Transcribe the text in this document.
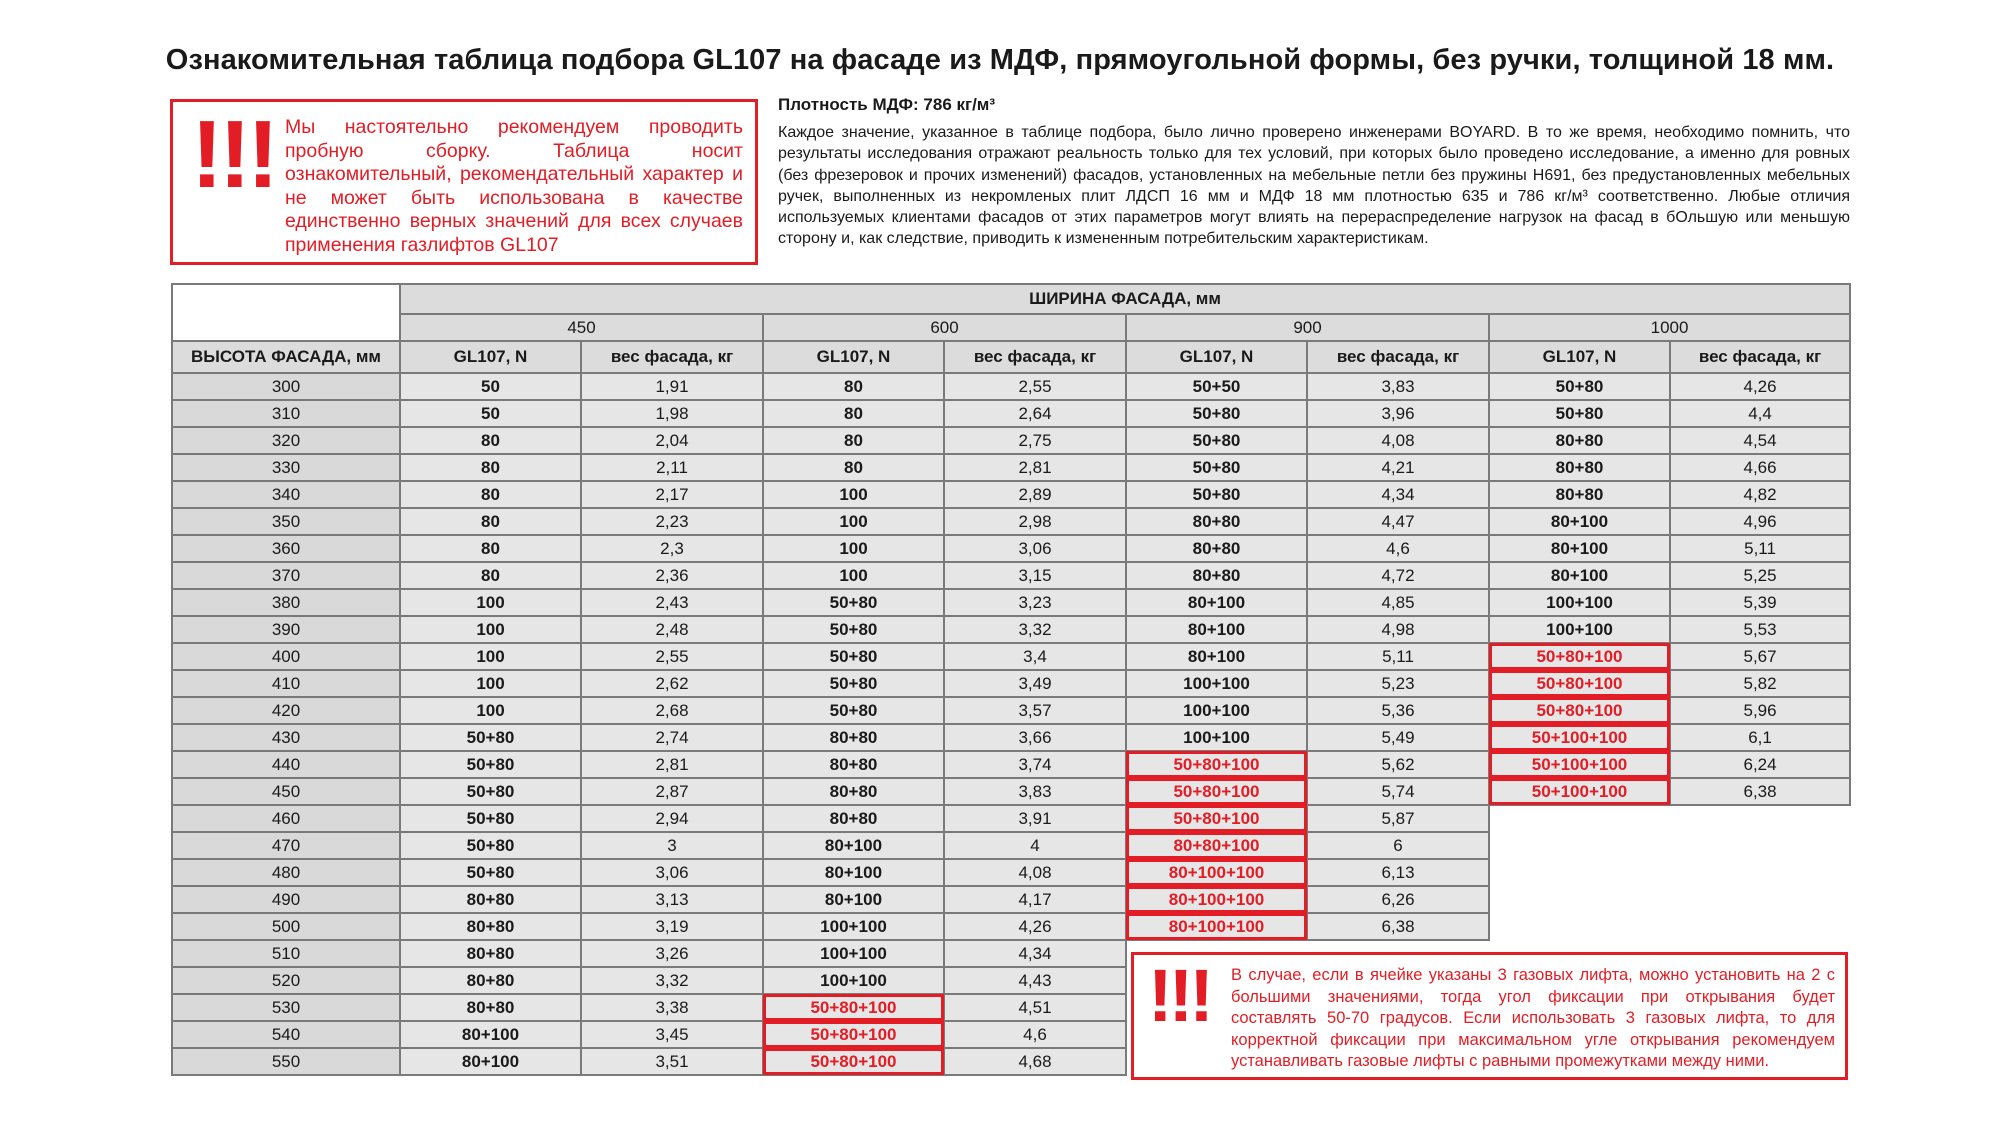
Ознакомительная таблица подбора GL107 на фасаде из МДФ, прямоугольной формы, без ручки, толщиной 18 мм.
!!! Мы настоятельно рекомендуем проводить пробную сборку. Таблица носит ознакомительный, рекомендательный характер и не может быть использована в качестве единственно верных значений для всех случаев применения газлифтов GL107
Плотность МДФ: 786 кг/м³
Каждое значение, указанное в таблице подбора, было лично проверено инженерами BOYARD. В то же время, необходимо помнить, что результаты исследования отражают реальность только для тех условий, при которых было проведено исследование, а именно для ровных (без фрезеровок и прочих изменений) фасадов, установленных на мебельные петли без пружины H691, без предустановленных мебельных ручек, выполненных из некромленых плит ЛДСП 16 мм и МДФ 18 мм плотностью 635 и 786 кг/м³ соответственно. Любые отличия используемых клиентами фасадов от этих параметров могут влиять на перераспределение нагрузок на фасад в бОльшую или меньшую сторону и, как следствие, приводить к измененным потребительским характеристикам.
	ШИРИНА ФАСАДА, мм							
	450		600		900		1000	
ВЫСОТА ФАСАДА, мм	GL107, N	вес фасада, кг	GL107, N	вес фасада, кг	GL107, N	вес фасада, кг	GL107, N	вес фасада, кг
300	50	1,91	80	2,55	50+50	3,83	50+80	4,26
310	50	1,98	80	2,64	50+80	3,96	50+80	4,4
320	80	2,04	80	2,75	50+80	4,08	80+80	4,54
330	80	2,11	80	2,81	50+80	4,21	80+80	4,66
340	80	2,17	100	2,89	50+80	4,34	80+80	4,82
350	80	2,23	100	2,98	80+80	4,47	80+100	4,96
360	80	2,3	100	3,06	80+80	4,6	80+100	5,11
370	80	2,36	100	3,15	80+80	4,72	80+100	5,25
380	100	2,43	50+80	3,23	80+100	4,85	100+100	5,39
390	100	2,48	50+80	3,32	80+100	4,98	100+100	5,53
400	100	2,55	50+80	3,4	80+100	5,11	50+80+100	5,67
410	100	2,62	50+80	3,49	100+100	5,23	50+80+100	5,82
420	100	2,68	50+80	3,57	100+100	5,36	50+80+100	5,96
430	50+80	2,74	80+80	3,66	100+100	5,49	50+100+100	6,1
440	50+80	2,81	80+80	3,74	50+80+100	5,62	50+100+100	6,24
450	50+80	2,87	80+80	3,83	50+80+100	5,74	50+100+100	6,38
460	50+80	2,94	80+80	3,91	50+80+100	5,87		
470	50+80	3	80+100	4	80+80+100	6		
480	50+80	3,06	80+100	4,08	80+100+100	6,13		
490	80+80	3,13	80+100	4,17	80+100+100	6,26		
500	80+80	3,19	100+100	4,26	80+100+100	6,38		
510	80+80	3,26	100+100	4,34				
520	80+80	3,32	100+100	4,43				
530	80+80	3,38	50+80+100	4,51				
540	80+100	3,45	50+80+100	4,6				
550	80+100	3,51	50+80+100	4,68				
!!! В случае, если в ячейке указаны 3 газовых лифта, можно установить на 2 с большими значениями, тогда угол фиксации при открывания будет составлять 50-70 градусов. Если использовать 3 газовых лифта, то для корректной фиксации при максимальном угле открывания рекомендуем устанавливать газовые лифты с равными промежутками между ними.
